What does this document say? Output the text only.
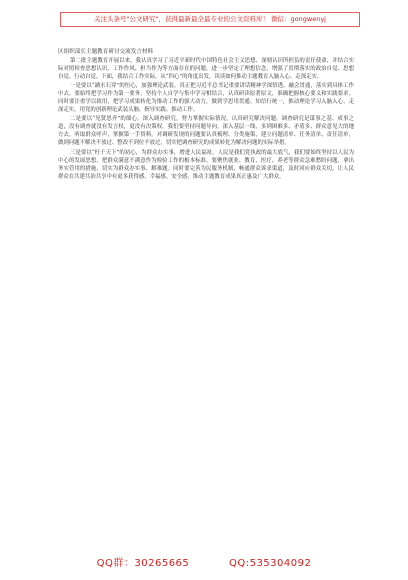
关注头条号"公文研究"，获得最新最全最专业的公文资料库！ 微信：gongwenyj
区组织部长主题教育研讨交流发言材料

第二批主题教育开展以来，我认真学习了习近平新时代中国特色社会主义思想、深刻认识所担负的责任使命，并结合实际对照检查思想认识、工作作风、担当作为等方面存在的问题，进一步坚定了理想信念，增强了贯彻落实的政治自觉、思想自觉、行动自觉。下面，我结合工作实际，从“四心”的角度出发，谈谈如何推动主题教育入脑入心、走深走实。

一是要以“涵水石穿”的恒心，加强理论武装。真正把习近平总书记重要讲话精神学深悟透、融会贯通，落实到具体工作中去。要始终把学习作为第一要务，坚持个人自学与集中学习相结合，认真研读原著原文，准确把握核心要义和实践要求。同时要注重学以致用，把学习成果转化为推动工作的强大动力，做到学思用贯通、知信行统一，推动理论学习入脑入心、走深走实，用党的创新理论武装头脑、指导实践、推动工作。

二是要以“见贤思齐”的细心，深入调查研究。努力掌握实际情况，认真研究解决问题。调查研究是谋事之基、成事之道，没有调查就没有发言权，更没有决策权。我们要坚持问题导向，深入基层一线，多到困难多、矛盾多、群众意见大的地方去，听取群众呼声，掌握第一手资料。对调研发现的问题要认真梳理、分类施策，建立问题清单、任务清单、责任清单，做到问题不解决不放过、整改不到位不放过，切实把调查研究的成果转化为解决问题的实际举措。

三是要以“枉千天下”的初心，为群众办实事，增进人民福祉。人民是我们党执政的最大底气，我们要始终坚持以人民为中心的发展思想，把群众满意不满意作为检验工作的根本标准。要聚焦就业、教育、医疗、养老等群众急难愁盼问题，拿出务实管用的措施，切实为群众办实事、解难题。同时要完善为民服务机制，畅通群众诉求渠道，及时回应群众关切，让人民群众在共建共治共享中有更多获得感、幸福感、安全感，推动主题教育成果真正惠及广大群众。

QQ群：30265665	QQ:535304092
